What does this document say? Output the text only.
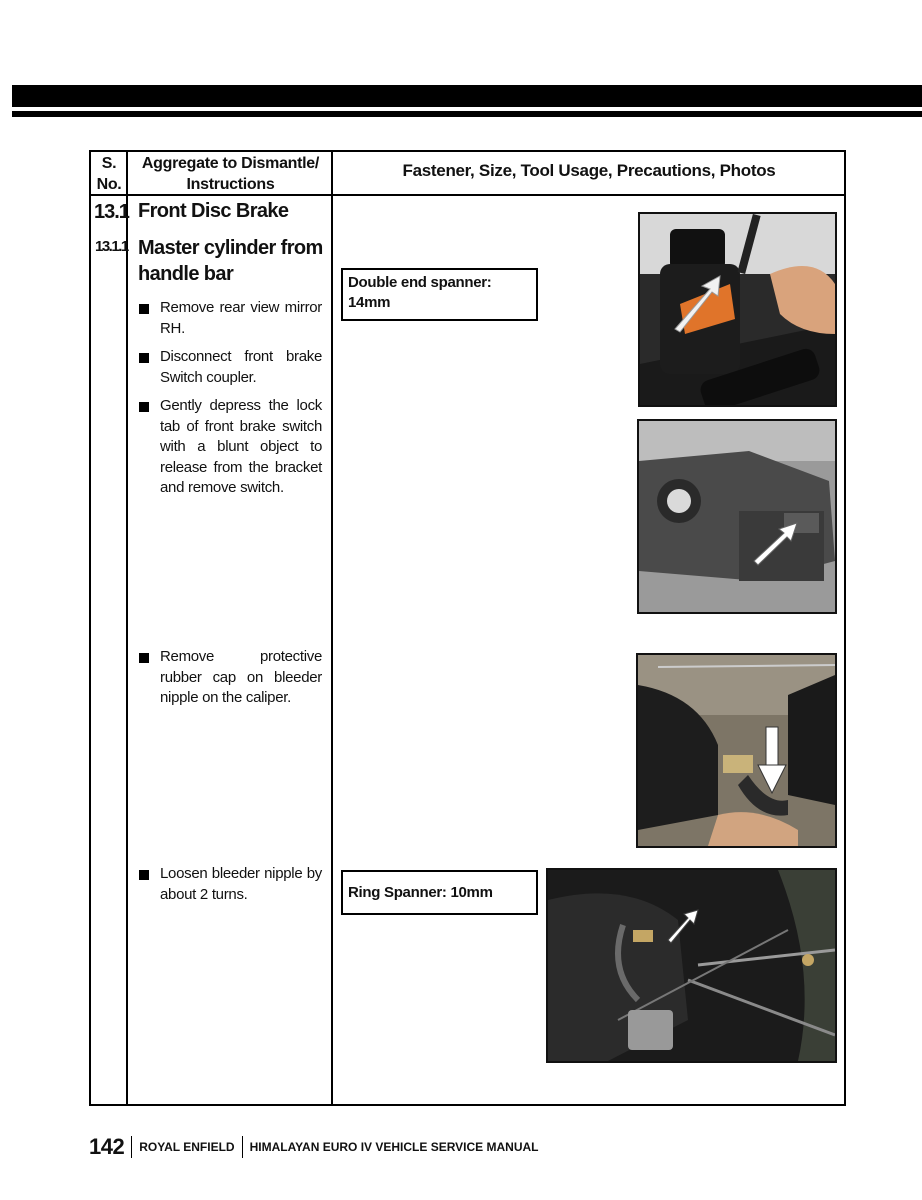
S. No.
Aggregate to Dismantle/ Instructions
Fastener, Size, Tool Usage, Precautions, Photos
13.1 Front Disc Brake
13.1.1 Master cylinder from handle bar
Remove rear view mirror RH.
Disconnect front brake Switch coupler.
Gently depress the lock tab of front brake switch with a blunt object to release from the bracket and remove switch.
Remove protective rubber cap on bleeder nipple on the caliper.
Loosen bleeder nipple by about 2 turns.
Double end spanner:
14mm
Ring Spanner: 10mm
142 ROYAL ENFIELD HIMALAYAN EURO IV VEHICLE SERVICE MANUAL
